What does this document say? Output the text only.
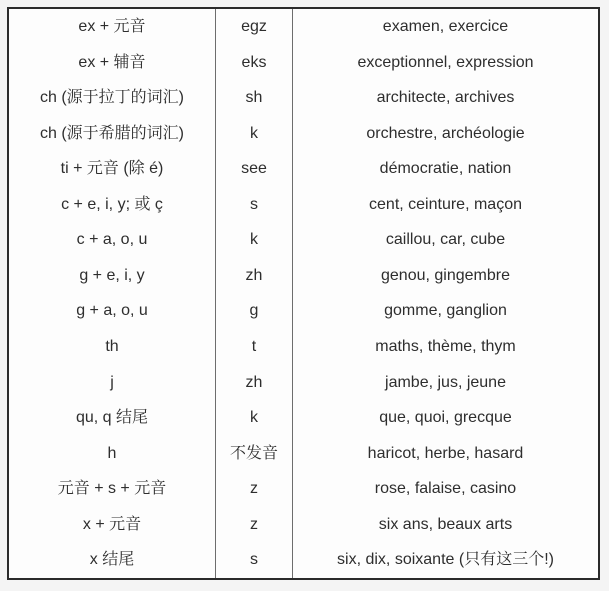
ex + 元音	egz	examen, exercice
ex + 辅音	eks	exceptionnel, expression
ch (源于拉丁的词汇)	sh	architecte, archives
ch (源于希腊的词汇)	k	orchestre, archéologie
ti + 元音 (除 é)	see	démocratie, nation
c + e, i, y; 或 ç	s	cent, ceinture, maçon
c + a, o, u	k	caillou, car, cube
g + e, i, y	zh	genou, gingembre
g + a, o, u	g	gomme, ganglion
th	t	maths, thème, thym
j	zh	jambe, jus, jeune
qu, q 结尾	k	que, quoi, grecque
h	不发音	haricot, herbe, hasard
元音 + s + 元音	z	rose, falaise, casino
x + 元音	z	six ans, beaux arts
x 结尾	s	six, dix, soixante (只有这三个!)
